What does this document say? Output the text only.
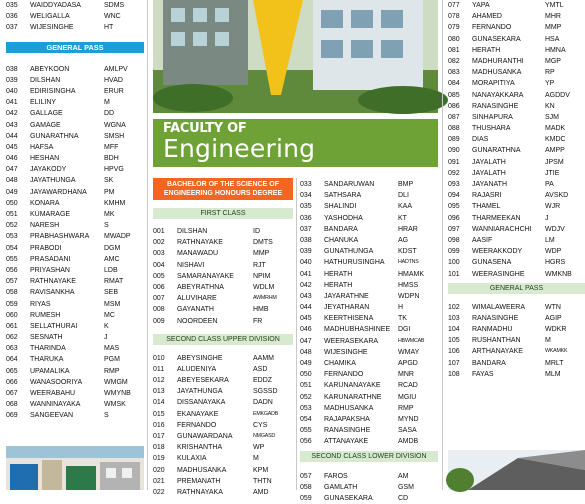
035	WAIDDYADASA	SDMS
036	WELIGALLA	WNC
037	WIJESINGHE	HT
GENERAL PASS
038	ABEYKOON	AMLPV
039	DILSHAN	HVAD
040	EDIRISINGHA	ERUR
041	ELILINY	M
042	GALLAGE	DD
043	GAMAGE	WGNA
044	GUNARATHNA	SMSH
045	HAFSA	MFF
046	HESHAN	BDH
047	JAYAKODY	HPVG
048	JAYATHUNGA	SK
049	JAYAWARDHANA	PM
050	KONARA	KMHM
051	KUMARAGE	MK
052	NARESH	S
053	PRABHASHWARA	MWADP
054	PRABODI	DGM
055	PRASADANI	AMC
056	PRIYASHAN	LDB
057	RATHNAYAKE	RMAT
058	RAVISANKHA	SEB
059	RIYAS	MSM
060	RUMESH	MC
061	SELLATHURAI	K
062	SESNATH	J
063	THARINDA	MAS
064	THARUKA	PGM
065	UPAMALIKA	RMP
066	WANASOORIYA	WMGM
067	WEERABAHU	WMYNB
068	WANNINAYAKA	WMSK
069	SANGEEVAN	S
FACULTY OF
Engineering
BACHELOR OF THE SCIENCE OF
ENGINEERING HONOURS DEGREE
FIRST CLASS
001	DILSHAN	ID
002	RATHNAYAKE	DMTS
003	MANAWADU	MMP
004	NISHAVI	RJT
005	SAMARANAYAKE	NPIM
006	ABEYRATHNA	WDLM
007	ALUVIHARE	AWMRHM
008	GAYANATH	HMB
009	NOORDEEN	FR
SECOND CLASS UPPER DIVISION
010	ABEYSINGHE	AAMM
011	ALUDENIYA	ASD
012	ABEYESEKARA	EDDZ
013	JAYATHUNGA	SGSSD
014	DISSANAYAKA	DADN
015	EKANAYAKE	EMKGADB
016	FERNANDO	CYS
017	GUNAWARDANA	NMGASD
018	KRISHANTHA	WP
019	KULAXIA	M
020	MADHUSANKA	KPM
021	PREMANATH	THTN
022	RATHNAYAKA	AMD
033	SANDARUWAN	BMP
034	SATHSARA	DLI
035	SHALINDI	KAA
036	YASHODHA	KT
037	BANDARA	HRAR
038	CHANUKA	AG
039	GUNATHUNGA	KDST
040	HATHURUSINGHA	HADTNS
041	HERATH	HMAMK
042	HERATH	HMSS
043	JAYARATHNE	WDPN
044	JEYATHARAN	H
045	KEERTHISENA	TK
046	MADHUBHASHINEE	DGI
047	WEERASEKARA	HBWMCAB
048	WIJESINGHE	WMAY
049	CHAMIKA	APGD
050	FERNANDO	MNR
051	KARUNANAYAKE	RCAD
052	KARUNARATHNE	MGIU
053	MADHUSANKA	RMP
054	RAJAPAKSHA	MYND
055	RANASINGHE	SASA
056	ATTANAYAKE	AMDB
SECOND CLASS LOWER DIVISION
057	FAROS	AM
058	GAMLATH	GSM
059	GUNASEKARA	CD
077	YAPA	YMTL
078	AHAMED	MHR
079	FERNANDO	MMP
080	GUNASEKARA	HSA
081	HERATH	HMNA
082	MADHURANTHI	MGP
083	MADHUSANKA	RP
084	MORAPITIYA	YP
085	NANAYAKKARA	AGDDV
086	RANASINGHE	KN
087	SINHAPURA	SJM
088	THUSHARA	MADK
089	DIAS	KMDC
090	GUNARATHNA	AMPP
091	JAYALATH	JPSM
092	JAYALATH	JTIE
093	JAYANATH	PA
094	RAJASRI	AVSKD
095	THAMEL	WJR
096	THARMEEKAN	J
097	WANNIARACHCHI	WDJV
098	AASIF	LM
099	WEERAKKODY	WDP
100	GUNASENA	HGRS
101	WEERASINGHE	WMKNB
GENERAL PASS
102	WIMALAWEERA	WTN
103	RANASINGHE	AGIP
104	RANMADHU	WDKR
105	RUSHANTHAN	M
106	ARTHANAYAKE	WKAMKK
107	BANDARA	MRLT
108	FAYAS	MLM
